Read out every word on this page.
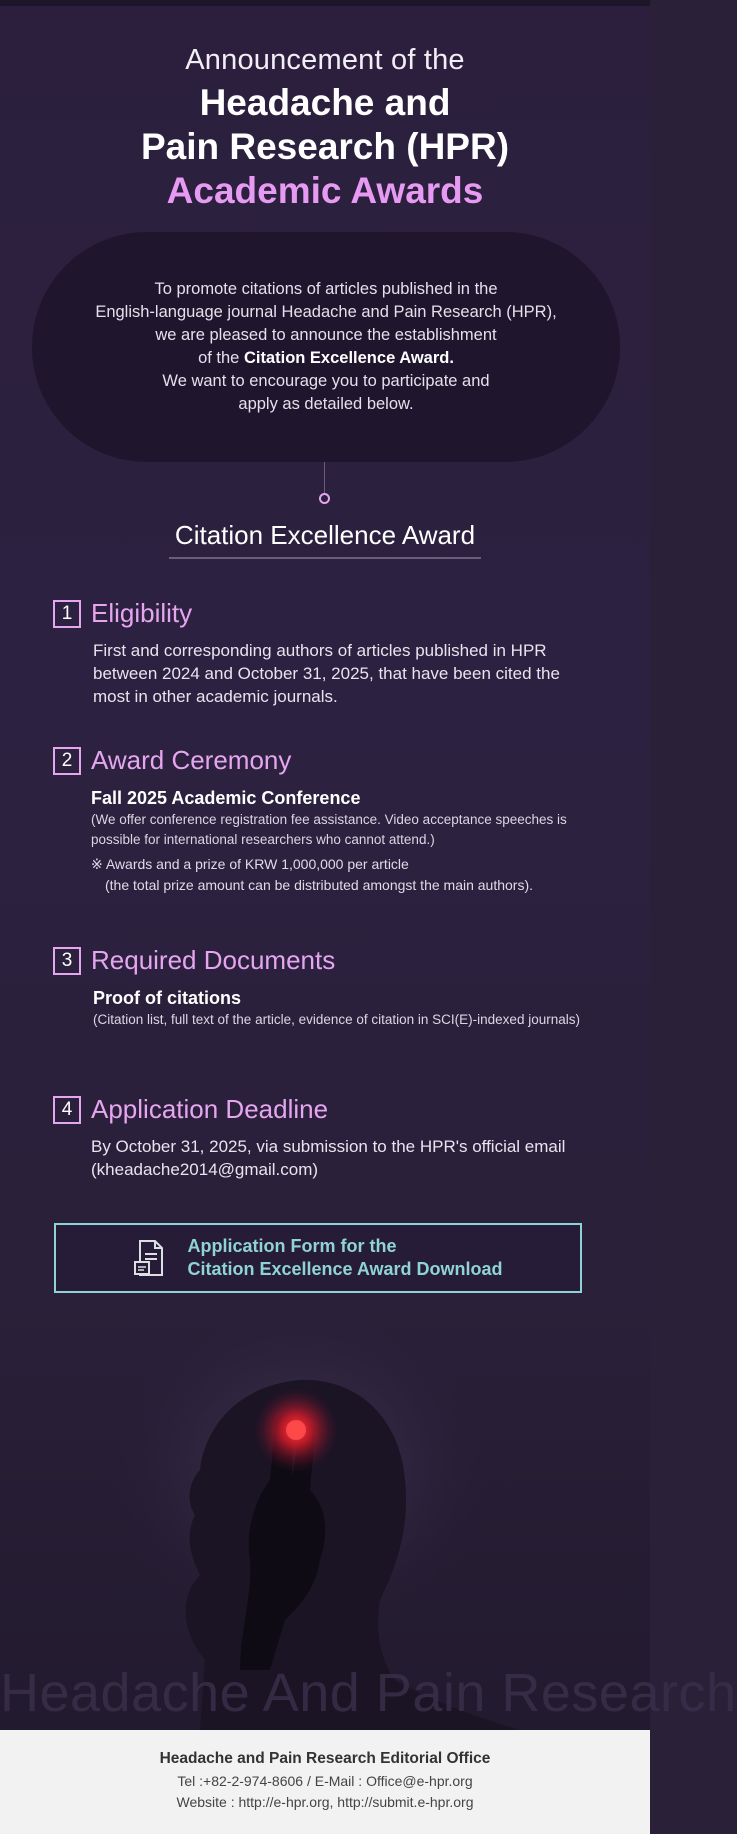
Announcement of the
Headache and
Pain Research (HPR)
Academic Awards
To promote citations of articles published in the
English-language journal Headache and Pain Research (HPR),
we are pleased to announce the establishment
of the Citation Excellence Award.
We want to encourage you to participate and
apply as detailed below.
Citation Excellence Award
1 Eligibility
First and corresponding authors of articles published in HPR between 2024 and October 31, 2025, that have been cited the most in other academic journals.
2 Award Ceremony
Fall 2025 Academic Conference
(We offer conference registration fee assistance. Video acceptance speeches is possible for international researchers who cannot attend.)
※ Awards and a prize of KRW 1,000,000 per article
(the total prize amount can be distributed amongst the main authors).
3 Required Documents
Proof of citations
(Citation list, full text of the article, evidence of citation in SCI(E)-indexed journals)
4 Application Deadline
By October 31, 2025, via submission to the HPR's official email (kheadache2014@gmail.com)
Application Form for the
Citation Excellence Award Download
Headache And Pain Research
Headache and Pain Research Editorial Office
Tel :+82-2-974-8606 / E-Mail : Office@e-hpr.org
Website : http://e-hpr.org, http://submit.e-hpr.org
